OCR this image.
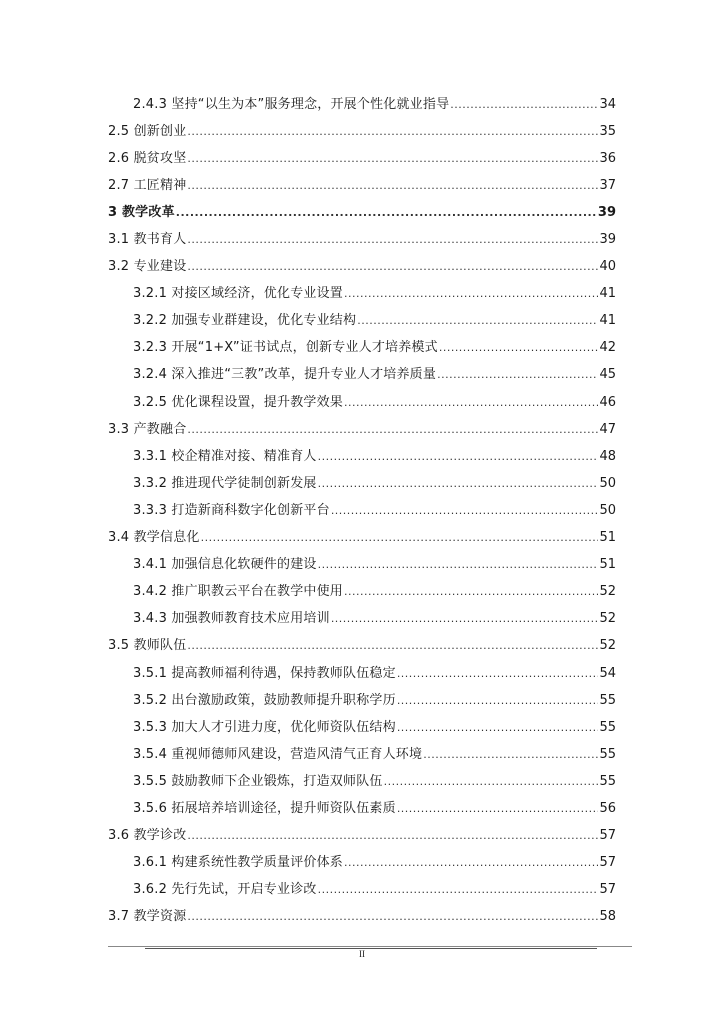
2.4.3 坚持“以生为本”服务理念，开展个性化就业指导 .....	34
2.5 创新创业 .....	35
2.6 脱贫攻坚 .....	36
2.7 工匠精神 .....	37
3 教学改革 .....	39
3.1 教书育人 .....	39
3.2 专业建设 .....	40
3.2.1 对接区域经济，优化专业设置 .....	41
3.2.2 加强专业群建设，优化专业结构 .....	41
3.2.3 开展“1+X”证书试点，创新专业人才培养模式 .....	42
3.2.4 深入推进“三教”改革，提升专业人才培养质量 .....	45
3.2.5 优化课程设置，提升教学效果 .....	46
3.3 产教融合 .....	47
3.3.1 校企精准对接、精准育人 .....	48
3.3.2 推进现代学徒制创新发展 .....	50
3.3.3 打造新商科数字化创新平台 .....	50
3.4 教学信息化 .....	51
3.4.1 加强信息化软硬件的建设 .....	51
3.4.2 推广职教云平台在教学中使用 .....	52
3.4.3 加强教师教育技术应用培训 .....	52
3.5 教师队伍 .....	52
3.5.1 提高教师福利待遇，保持教师队伍稳定 .....	54
3.5.2 出台激励政策，鼓励教师提升职称学历 .....	55
3.5.3 加大人才引进力度，优化师资队伍结构 .....	55
3.5.4 重视师德师风建设，营造风清气正育人环境 .....	55
3.5.5 鼓励教师下企业锻炼，打造双师队伍 .....	55
3.5.6 拓展培养培训途径，提升师资队伍素质 .....	56
3.6 教学诊改 .....	57
3.6.1 构建系统性教学质量评价体系 .....	57
3.6.2 先行先试，开启专业诊改 .....	57
3.7 教学资源 .....	58
II
